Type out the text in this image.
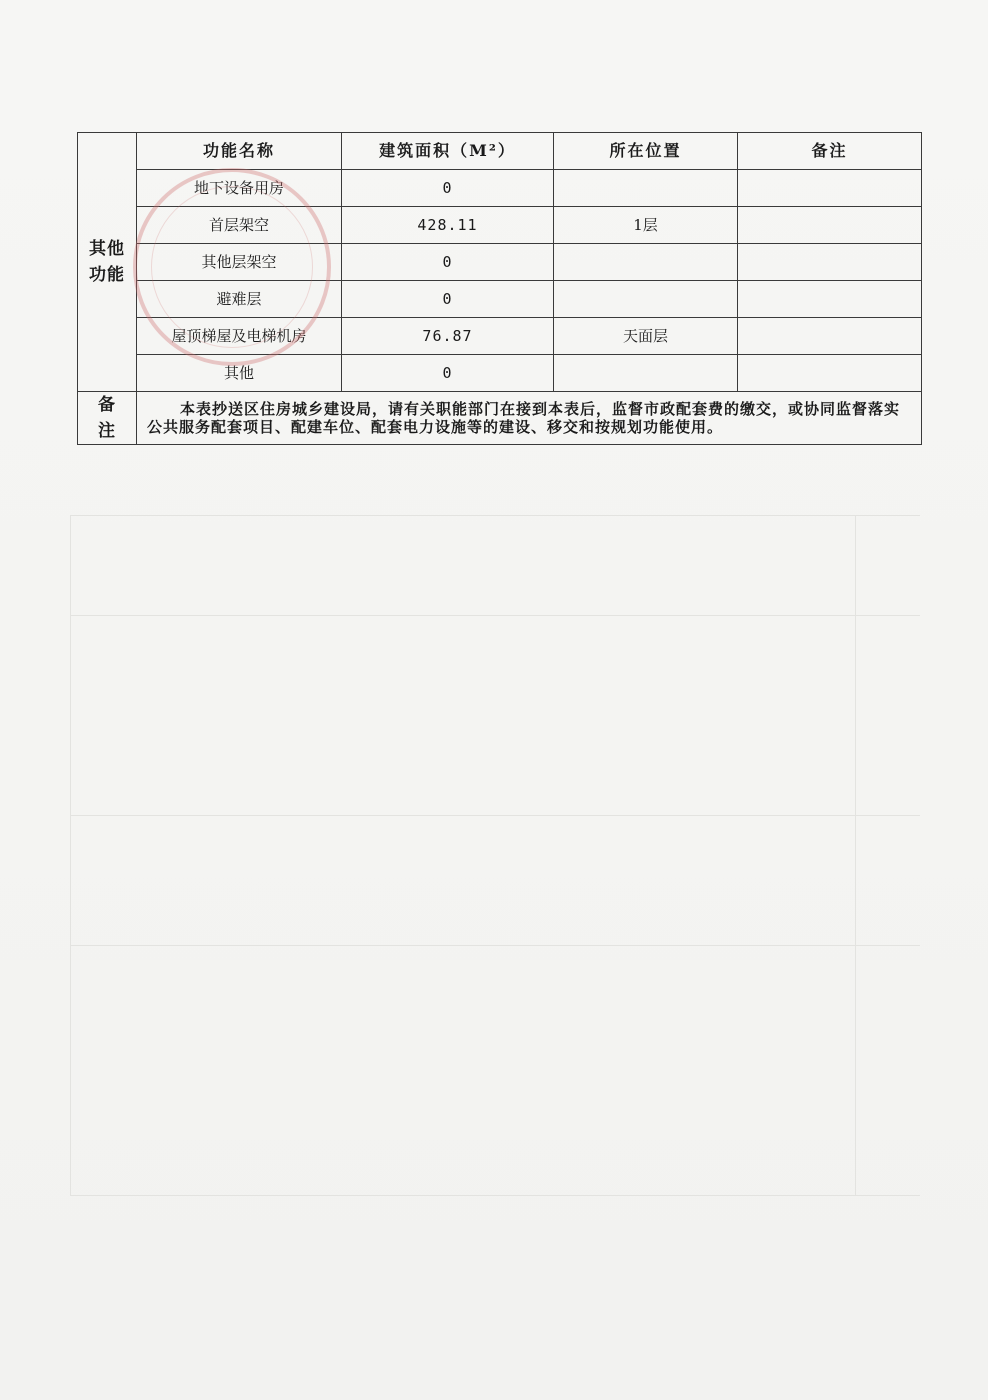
其他功能	功能名称	建筑面积（M²）	所在位置	备注
	地下设备用房	0		
	首层架空	428.11	1层	
	其他层架空	0		
	避难层	0		
	屋顶梯屋及电梯机房	76.87	天面层	
	其他	0		

备注	本表抄送区住房城乡建设局，请有关职能部门在接到本表后，监督市政配套费的缴交，或协同监督落实公共服务配套项目、配建车位、配套电力设施等的建设、移交和按规划功能使用。			
